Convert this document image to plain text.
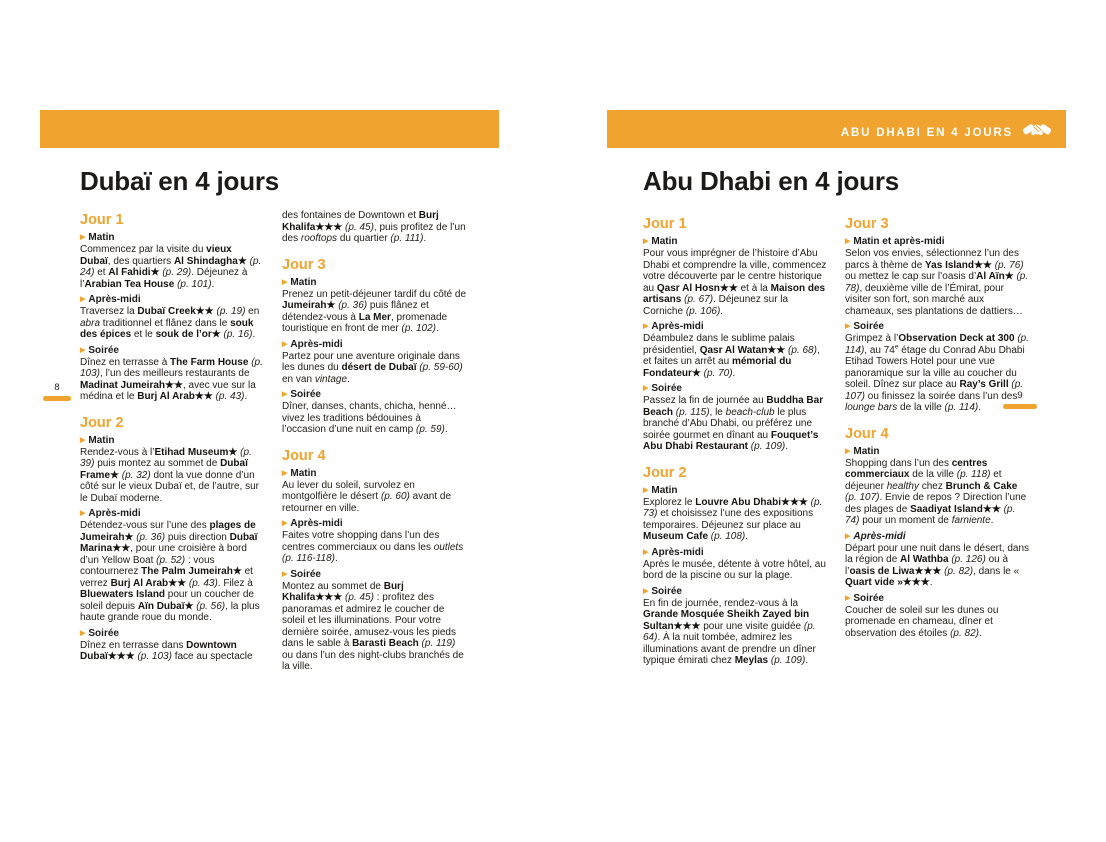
Dubaï en 4 jours
Jour 1
▶ Matin

Commencez par la visite du vieux Dubaï, des quartiers Al Shindagha★ (p. 24) et Al Fahidi★ (p. 29). Déjeunez à l’Arabian Tea House (p. 101).

▶ Après-midi

Traversez la Dubaï Creek★★ (p. 19) en abra traditionnel et flânez dans le souk des épices et le souk de l’or★ (p. 16).

▶ Soirée

Dînez en terrasse à The Farm House (p. 103), l’un des meilleurs restaurants de Madinat Jumeirah★★, avec vue sur la médina et le Burj Al Arab★★ (p. 43).

Jour 2
▶ Matin

Rendez-vous à l’Etihad Museum★ (p. 39) puis montez au sommet de Dubaï Frame★ (p. 32) dont la vue donne d’un côté sur le vieux Dubaï et, de l’autre, sur le Dubaï moderne.

▶ Après-midi

Détendez-vous sur l’une des plages de Jumeirah★ (p. 36) puis direction Dubaï Marina★★, pour une croisière à bord d’un Yellow Boat (p. 52) : vous contournerez The Palm Jumeirah★ et verrez Burj Al Arab★★ (p. 43). Filez à Bluewaters Island pour un coucher de soleil depuis Aïn Dubaï★ (p. 56), la plus haute grande roue du monde.

▶ Soirée

Dînez en terrasse dans Downtown Dubaï★★★ (p. 103) face au spectacle

des fontaines de Downtown et Burj Khalifa★★★ (p. 45), puis profitez de l’un des rooftops du quartier (p. 111).

Jour 3
▶ Matin

Prenez un petit-déjeuner tardif du côté de Jumeirah★ (p. 36) puis flânez et détendez-vous à La Mer, promenade touristique en front de mer (p. 102).

▶ Après-midi

Partez pour une aventure originale dans les dunes du désert de Dubaï (p. 59-60) en van vintage.

▶ Soirée

Dîner, danses, chants, chicha, henné… vivez les traditions bédouines à l’occasion d’une nuit en camp (p. 59).

Jour 4
▶ Matin

Au lever du soleil, survolez en montgolfière le désert (p. 60) avant de retourner en ville.

▶ Après-midi

Faites votre shopping dans l’un des centres commerciaux ou dans les outlets (p. 116-118).

▶ Soirée

Montez au sommet de Burj Khalifa★★★ (p. 45) : profitez des panoramas et admirez le coucher de soleil et les illuminations. Pour votre dernière soirée, amusez-vous les pieds dans le sable à Barasti Beach (p. 119) ou dans l’un des night-clubs branchés de la ville.

8
ABU DHABI EN 4 JOURS
Abu Dhabi en 4 jours
Jour 1
▶ Matin

Pour vous imprégner de l’histoire d’Abu Dhabi et comprendre la ville, commencez votre découverte par le centre historique au Qasr Al Hosn★★ et à la Maison des artisans (p. 67). Déjeunez sur la Corniche (p. 106).

▶ Après-midi

Déambulez dans le sublime palais présidentiel, Qasr Al Watan★★ (p. 68), et faites un arrêt au mémorial du Fondateur★ (p. 70).

▶ Soirée

Passez la fin de journée au Buddha Bar Beach (p. 115), le beach-club le plus branché d’Abu Dhabi, ou préférez une soirée gourmet en dînant au Fouquet’s Abu Dhabi Restaurant (p. 109).

Jour 2
▶ Matin

Explorez le Louvre Abu Dhabi★★★ (p. 73) et choisissez l’une des expositions temporaires. Déjeunez sur place au Museum Cafe (p. 108).

▶ Après-midi

Après le musée, détente à votre hôtel, au bord de la piscine ou sur la plage.

▶ Soirée

En fin de journée, rendez-vous à la Grande Mosquée Sheikh Zayed bin Sultan★★★ pour une visite guidée (p. 64). À la nuit tombée, admirez les illuminations avant de prendre un dîner typique émirati chez Meylas (p. 109).

Jour 3
▶ Matin et après-midi

Selon vos envies, sélectionnez l’un des parcs à thème de Yas Island★★ (p. 76) ou mettez le cap sur l’oasis d’Al Aïn★ (p. 78), deuxième ville de l’Émirat, pour visiter son fort, son marché aux chameaux, ses plantations de dattiers…

▶ Soirée

Grimpez à l’Observation Deck at 300 (p. 114), au 74e étage du Conrad Abu Dhabi Etihad Towers Hotel pour une vue panoramique sur la ville au coucher du soleil. Dînez sur place au Ray’s Grill (p. 107) ou finissez la soirée dans l’un des lounge bars de la ville (p. 114).

Jour 4
▶ Matin

Shopping dans l’un des centres commerciaux de la ville (p. 118) et déjeuner healthy chez Brunch & Cake (p. 107). Envie de repos ? Direction l’une des plages de Saadiyat Island★★ (p. 74) pour un moment de farniente.

▶ Après-midi

Départ pour une nuit dans le désert, dans la région de Al Wathba (p. 126) ou à l’oasis de Liwa★★★ (p. 82), dans le « Quart vide »★★★.

▶ Soirée

Coucher de soleil sur les dunes ou promenade en chameau, dîner et observation des étoiles (p. 82).

9
